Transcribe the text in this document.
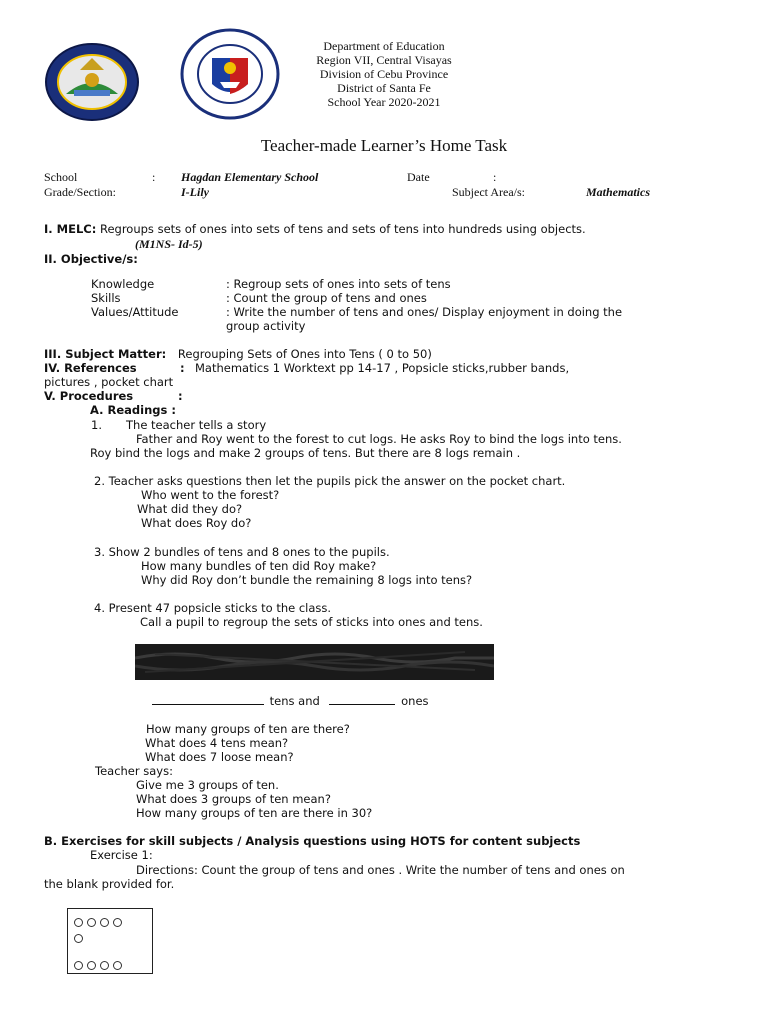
Department of Education
Region VII, Central Visayas
Division of Cebu Province
District of Santa Fe
School Year 2020-2021
Teacher-made Learner’s Home Task
School	: Hagdan Elementary School	Date	:
Grade/Section:	I-Lily	Subject Area/s:	Mathematics
I. MELC: Regroups sets of ones into sets of tens and sets of tens into hundreds using objects.
(M1NS- Id-5)
II. Objective/s:
Knowledge	: Regroup sets of ones into sets of tens
Skills	: Count the group of tens and ones
Values/Attitude	: Write the number of tens and ones/ Display enjoyment in doing the
group activity
III. Subject Matter: Regrouping Sets of Ones into Tens ( 0 to 50)
IV. References	: Mathematics 1 Worktext pp 14-17 , Popsicle sticks,rubber bands,
pictures , pocket chart
V. Procedures	:
A. Readings :
1. The teacher tells a story
Father and Roy went to the forest to cut logs. He asks Roy to bind the logs into tens.
Roy bind the logs and make 2 groups of tens. But there are 8 logs remain .
2. Teacher asks questions then let the pupils pick the answer on the pocket chart.
Who went to the forest?
What did they do?
What does Roy do?
3. Show 2 bundles of tens and 8 ones to the pupils.
How many bundles of ten did Roy make?
Why did Roy don’t bundle the remaining 8 logs into tens?
4. Present 47 popsicle sticks to the class.
Call a pupil to regroup the sets of sticks into ones and tens.
tens and	ones
How many groups of ten are there?
What does 4 tens mean?
What does 7 loose mean?
Teacher says:
Give me 3 groups of ten.
What does 3 groups of ten mean?
How many groups of ten are there in 30?
B. Exercises for skill subjects / Analysis questions using HOTS for content subjects
Exercise 1:
Directions: Count the group of tens and ones . Write the number of tens and ones on
the blank provided for.
